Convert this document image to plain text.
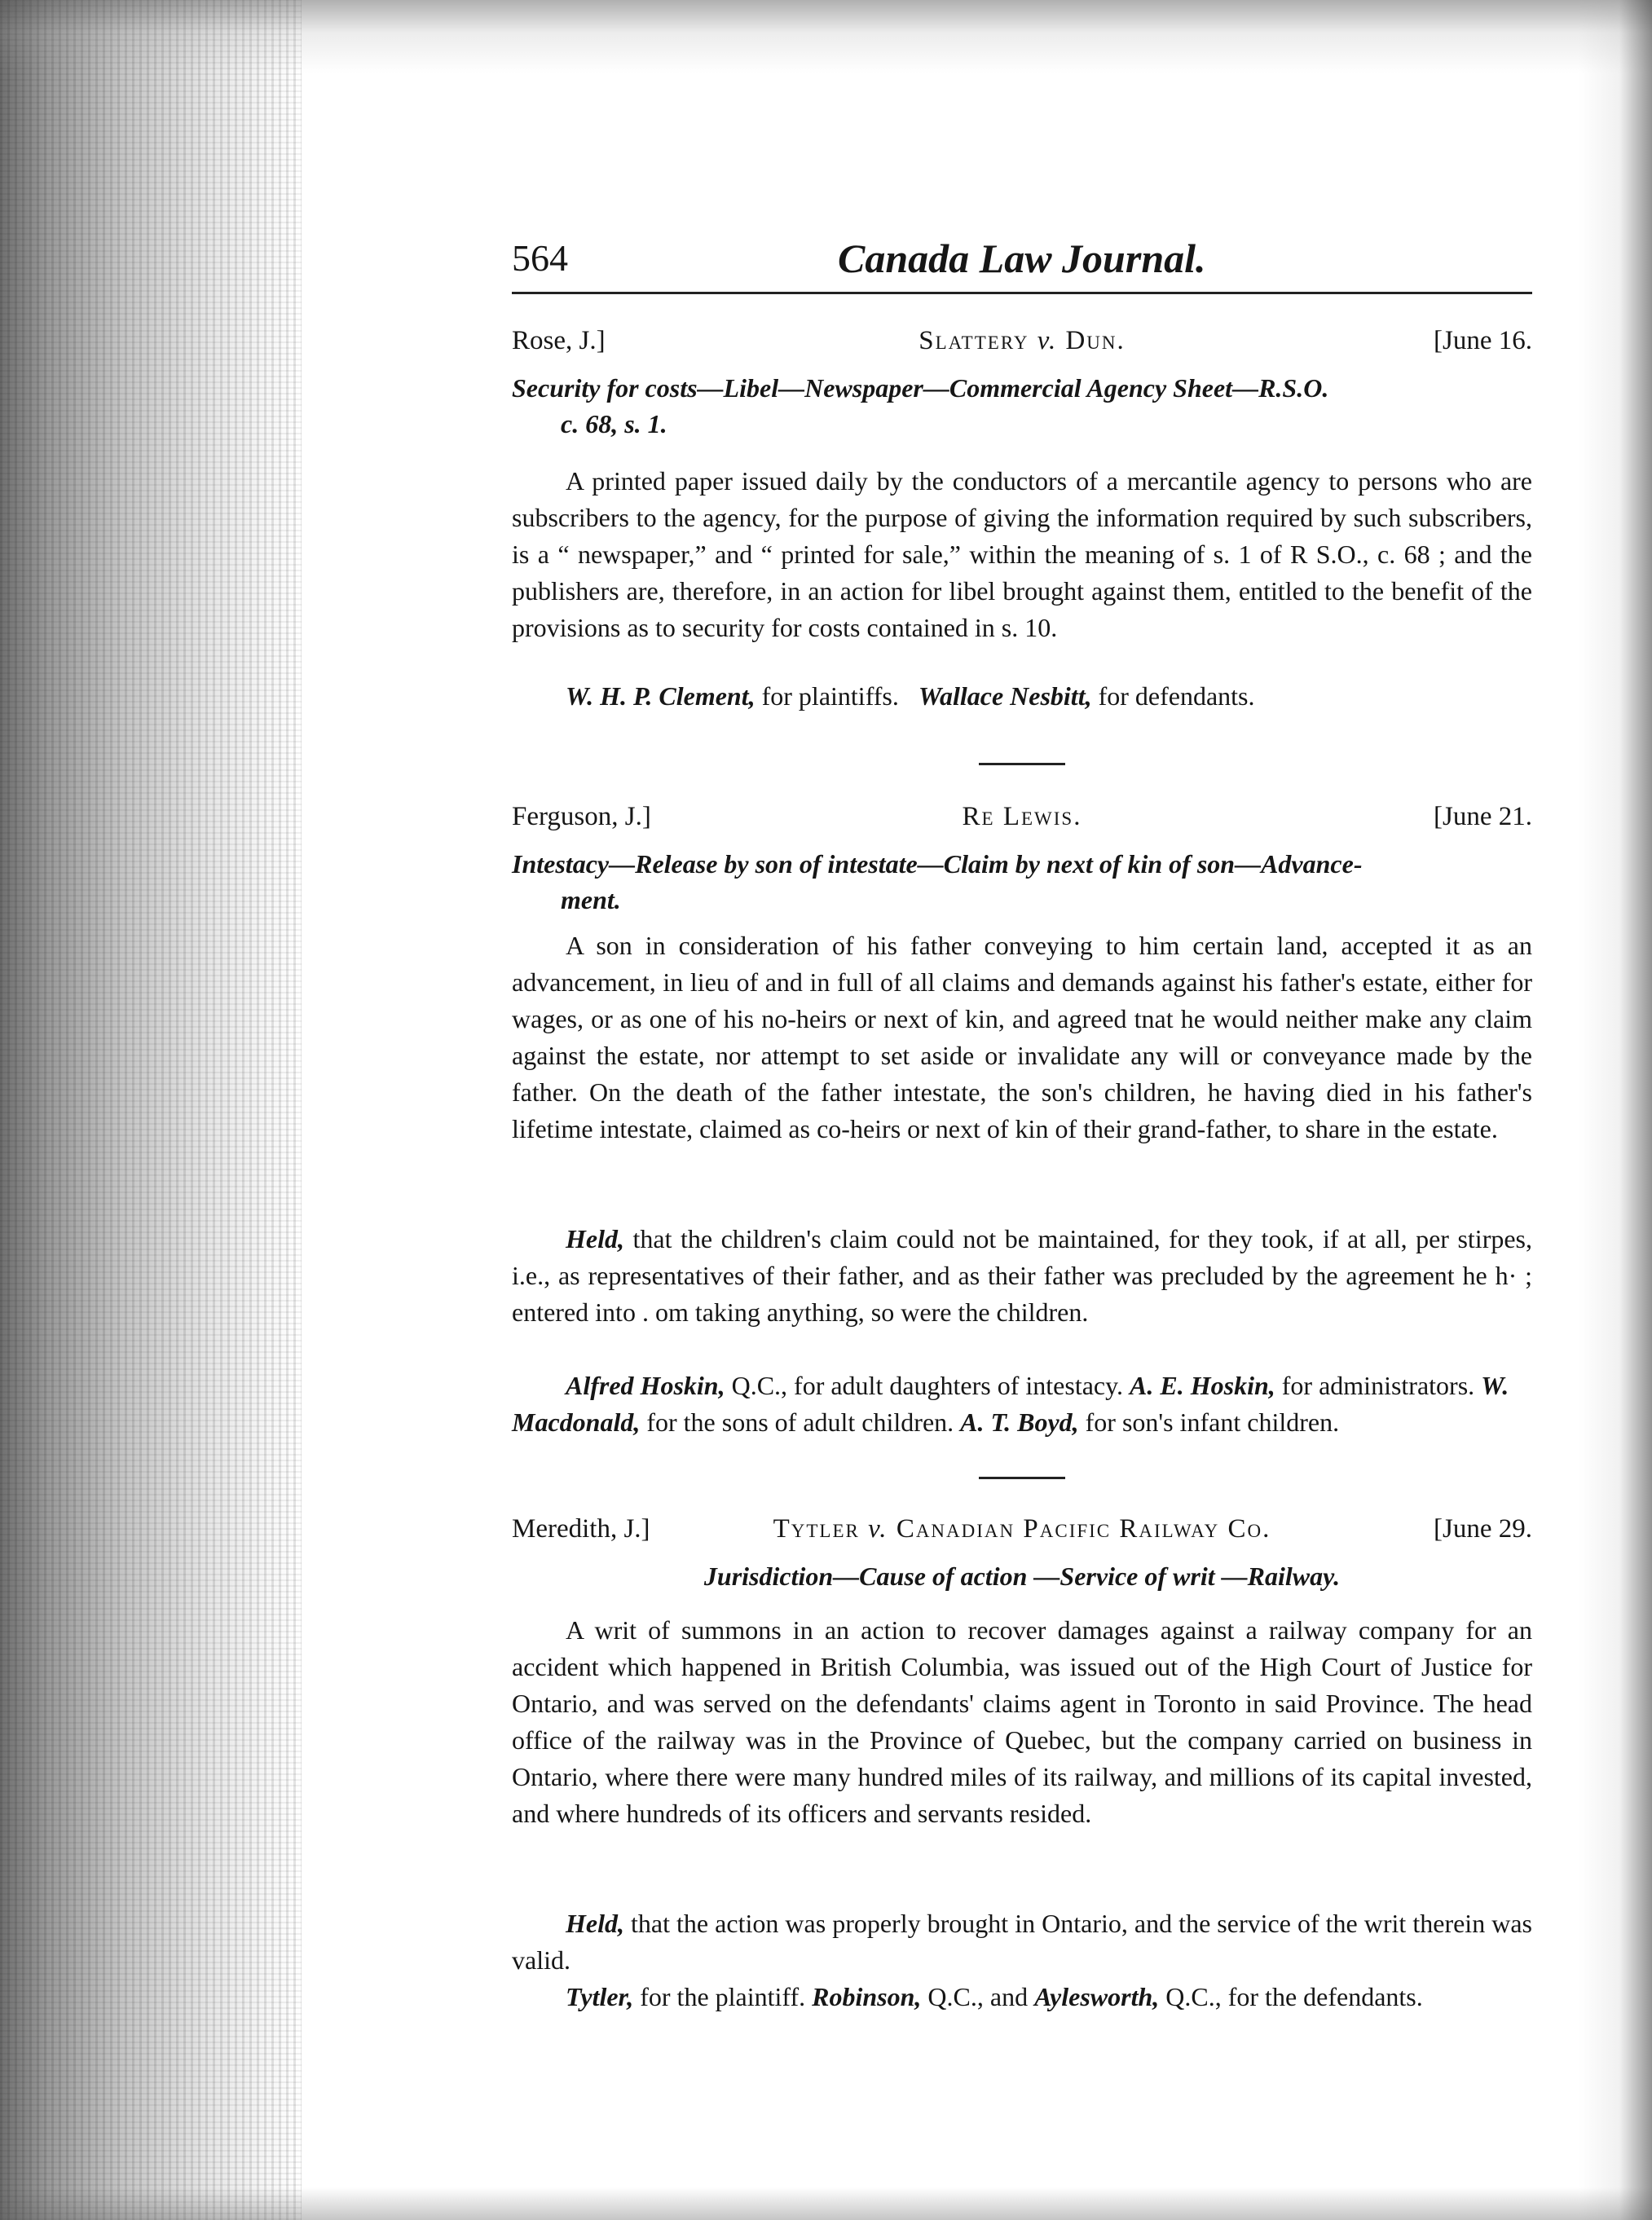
564	Canada Law Journal.
Slattery v. Dun.
Rose, J.]	[June 16.
Security for costs—Libel—Newspaper—Commercial Agency Sheet—R.S.O.
c. 68, s. 1.

A printed paper issued daily by the conductors of a mercantile agency to persons who are subscribers to the agency, for the purpose of giving the information required by such subscribers, is a “ newspaper,” and “ printed for sale,” within the meaning of s. 1 of R S.O., c. 68 ; and the publishers are, therefore, in an action for libel brought against them, entitled to the benefit of the provisions as to security for costs contained in s. 10.

W. H. P. Clement, for plaintiffs.   Wallace Nesbitt, for defendants.

Re Lewis.
Ferguson, J.]	[June 21.
Intestacy—Release by son of intestate—Claim by next of kin of son—Advance-
ment.

A son in consideration of his father conveying to him certain land, accepted it as an advancement, in lieu of and in full of all claims and demands against his father's estate, either for wages, or as one of his no-heirs or next of kin, and agreed tnat he would neither make any claim against the estate, nor attempt to set aside or invalidate any will or conveyance made by the father. On the death of the father intestate, the son's children, he having died in his father's lifetime intestate, claimed as co-heirs or next of kin of their grand-father, to share in the estate.

Held, that the children's claim could not be maintained, for they took, if at all, per stirpes, i.e., as representatives of their father, and as their father was precluded by the agreement he h· ; entered into . om taking anything, so were the children.

Alfred Hoskin, Q.C., for adult daughters of intestacy. A. E. Hoskin, for administrators. W. Macdonald, for the sons of adult children. A. T. Boyd, for son's infant children.

Tytler v. Canadian Pacific Railway Co.
Meredith, J.]	[June 29.
Jurisdiction—Cause of action —Service of writ —Railway.

A writ of summons in an action to recover damages against a railway company for an accident which happened in British Columbia, was issued out of the High Court of Justice for Ontario, and was served on the defendants' claims agent in Toronto in said Province. The head office of the railway was in the Province of Quebec, but the company carried on business in Ontario, where there were many hundred miles of its railway, and millions of its capital invested, and where hundreds of its officers and servants resided.

Held, that the action was properly brought in Ontario, and the service of the writ therein was valid.

Tytler, for the plaintiff. Robinson, Q.C., and Aylesworth, Q.C., for the defendants.
